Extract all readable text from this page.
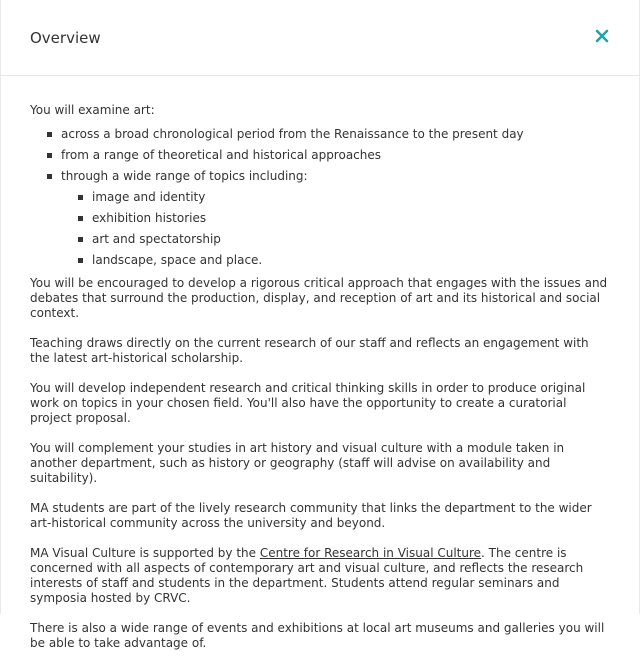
Overview

You will examine art:

across a broad chronological period from the Renaissance to the present day
from a range of theoretical and historical approaches
through a wide range of topics including:
image and identity
exhibition histories
art and spectatorship
landscape, space and place.

You will be encouraged to develop a rigorous critical approach that engages with the issues and debates that surround the production, display, and reception of art and its historical and social context.

Teaching draws directly on the current research of our staff and reflects an engagement with the latest art-historical scholarship.

You will develop independent research and critical thinking skills in order to produce original work on topics in your chosen field. You'll also have the opportunity to create a curatorial project proposal.

You will complement your studies in art history and visual culture with a module taken in another department, such as history or geography (staff will advise on availability and suitability).

MA students are part of the lively research community that links the department to the wider art-historical community across the university and beyond.

MA Visual Culture is supported by the Centre for Research in Visual Culture. The centre is concerned with all aspects of contemporary art and visual culture, and reflects the research interests of staff and students in the department. Students attend regular seminars and symposia hosted by CRVC.

There is also a wide range of events and exhibitions at local art museums and galleries you will be able to take advantage of.
